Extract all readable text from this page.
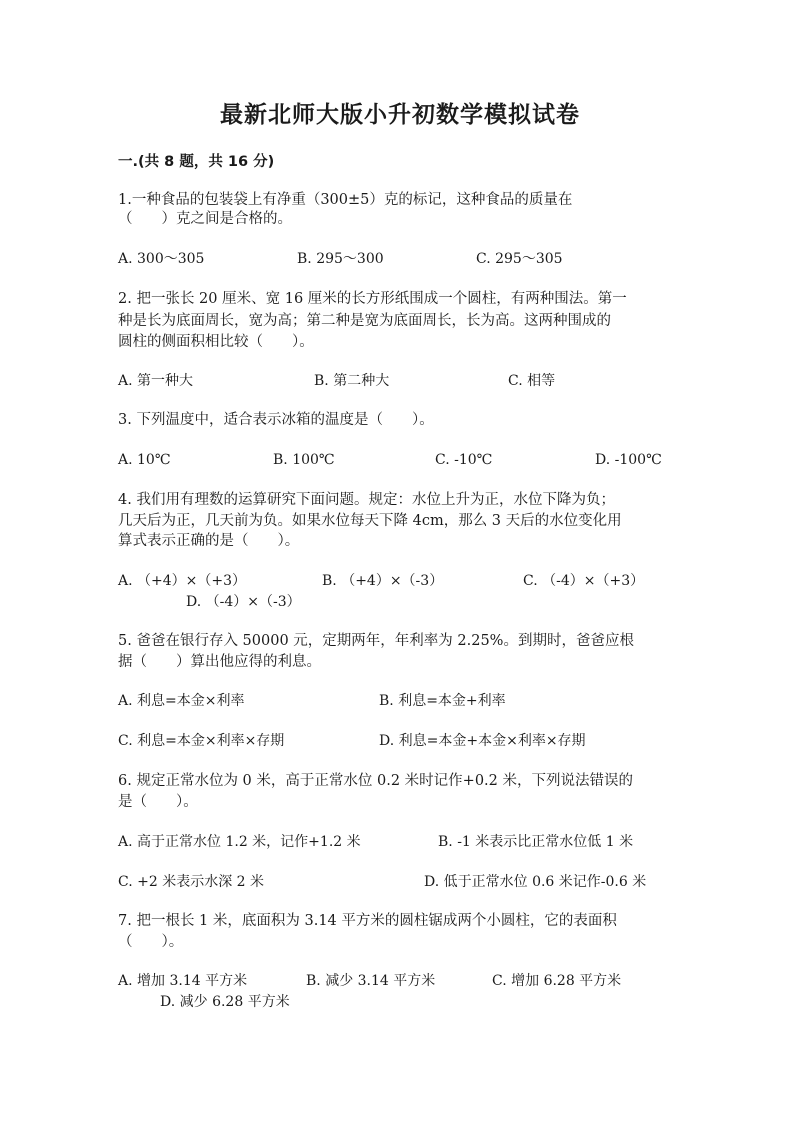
最新北师大版小升初数学模拟试卷
一.(共 8 题，共 16 分)
1.一种食品的包装袋上有净重（300±5）克的标记，这种食品的质量在
（　　）克之间是合格的。
A. 300～305	B. 295～300	C. 295～305
2. 把一张长 20 厘米、宽 16 厘米的长方形纸围成一个圆柱，有两种围法。第一
种是长为底面周长，宽为高；第二种是宽为底面周长，长为高。这两种围成的
圆柱的侧面积相比较（　　）。
A. 第一种大	B. 第二种大	C. 相等
3. 下列温度中，适合表示冰箱的温度是（　　）。
A. 10℃	B. 100℃	C. -10℃	D. -100℃
4. 我们用有理数的运算研究下面问题。规定：水位上升为正，水位下降为负；
几天后为正，几天前为负。如果水位每天下降 4cm，那么 3 天后的水位变化用
算式表示正确的是（　　）。
A. （+4）×（+3）	B. （+4）×（-3）	C. （-4）×（+3）
D. （-4）×（-3）
5. 爸爸在银行存入 50000 元，定期两年，年利率为 2.25%。到期时，爸爸应根
据（　　）算出他应得的利息。
A. 利息=本金×利率	B. 利息=本金+利率
C. 利息=本金×利率×存期	D. 利息=本金+本金×利率×存期
6. 规定正常水位为 0 米，高于正常水位 0.2 米时记作+0.2 米，下列说法错误的
是（　　）。
A. 高于正常水位 1.2 米，记作+1.2 米	B. -1 米表示比正常水位低 1 米
C. +2 米表示水深 2 米	D. 低于正常水位 0.6 米记作-0.6 米
7. 把一根长 1 米，底面积为 3.14 平方米的圆柱锯成两个小圆柱，它的表面积
（　　）。
A. 增加 3.14 平方米	B. 减少 3.14 平方米	C. 增加 6.28 平方米
D. 减少 6.28 平方米
